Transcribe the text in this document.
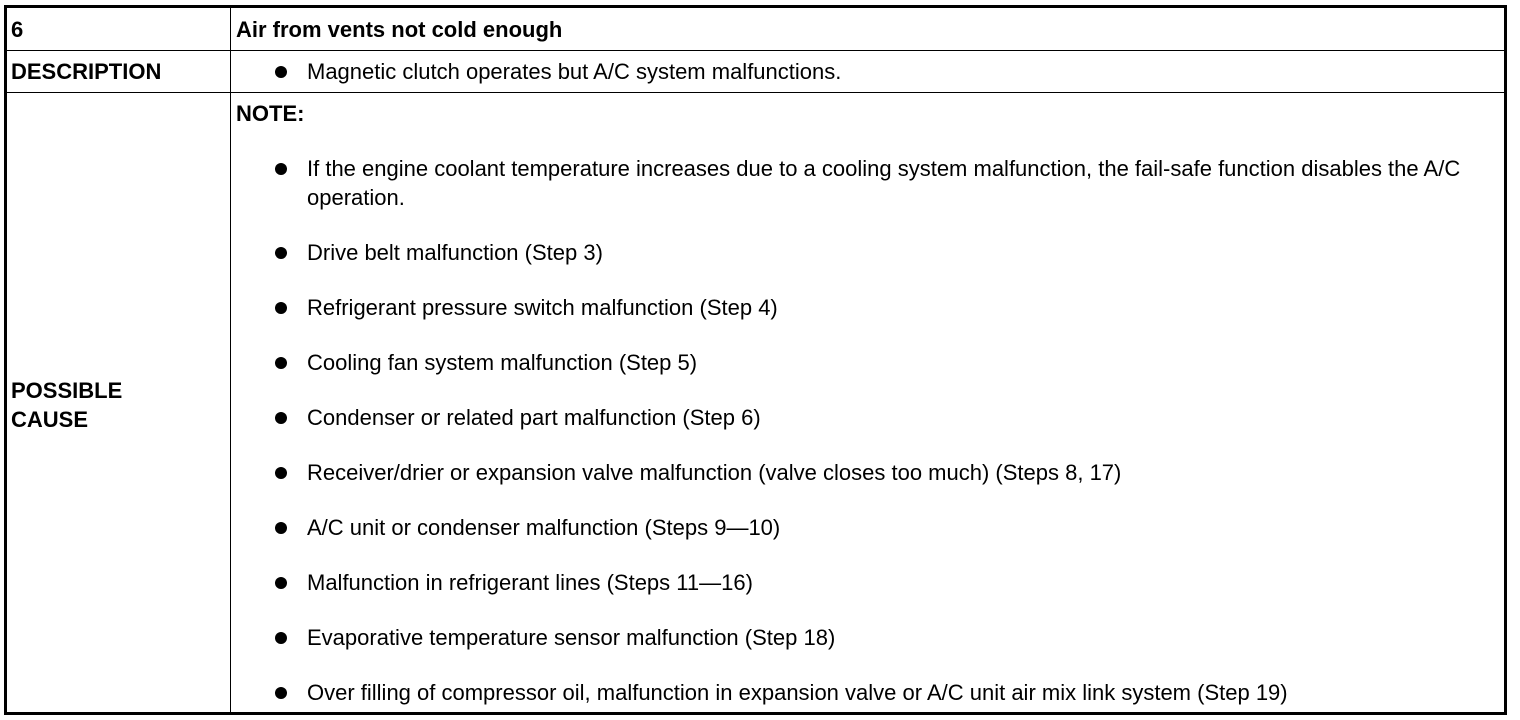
6	Air from vents not cold enough
DESCRIPTION	Magnetic clutch operates but A/C system malfunctions.
POSSIBLE
CAUSE
NOTE:
If the engine coolant temperature increases due to a cooling system malfunction, the fail-safe function disables the A/C operation.
Drive belt malfunction (Step 3)
Refrigerant pressure switch malfunction (Step 4)
Cooling fan system malfunction (Step 5)
Condenser or related part malfunction (Step 6)
Receiver/drier or expansion valve malfunction (valve closes too much) (Steps 8, 17)
A/C unit or condenser malfunction (Steps 9—10)
Malfunction in refrigerant lines (Steps 11—16)
Evaporative temperature sensor malfunction (Step 18)
Over filling of compressor oil, malfunction in expansion valve or A/C unit air mix link system (Step 19)
